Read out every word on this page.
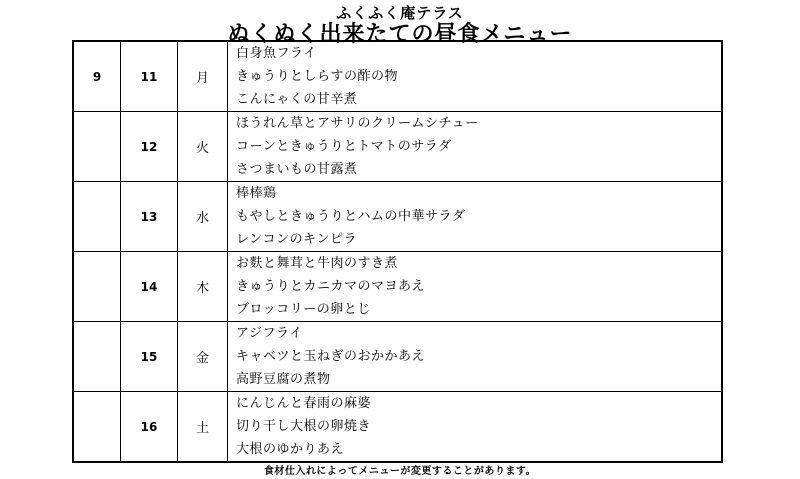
ふくふく庵テラス
ぬくぬく出来たての昼食メニュー
9	11	月	白身魚フライ
きゅうりとしらすの酢の物
こんにゃくの甘辛煮

	12	火	ほうれん草とアサリのクリームシチュー
コーンときゅうりとトマトのサラダ
さつまいもの甘露煮

	13	水	棒棒鶏
もやしときゅうりとハムの中華サラダ
レンコンのキンピラ

	14	木	お麩と舞茸と牛肉のすき煮
きゅうりとカニカマのマヨあえ
ブロッコリーの卵とじ

	15	金	アジフライ
キャベツと玉ねぎのおかかあえ
高野豆腐の煮物

	16	土	にんじんと春雨の麻婆
切り干し大根の卵焼き
大根のゆかりあえ
食材仕入れによってメニューが変更することがあります。
